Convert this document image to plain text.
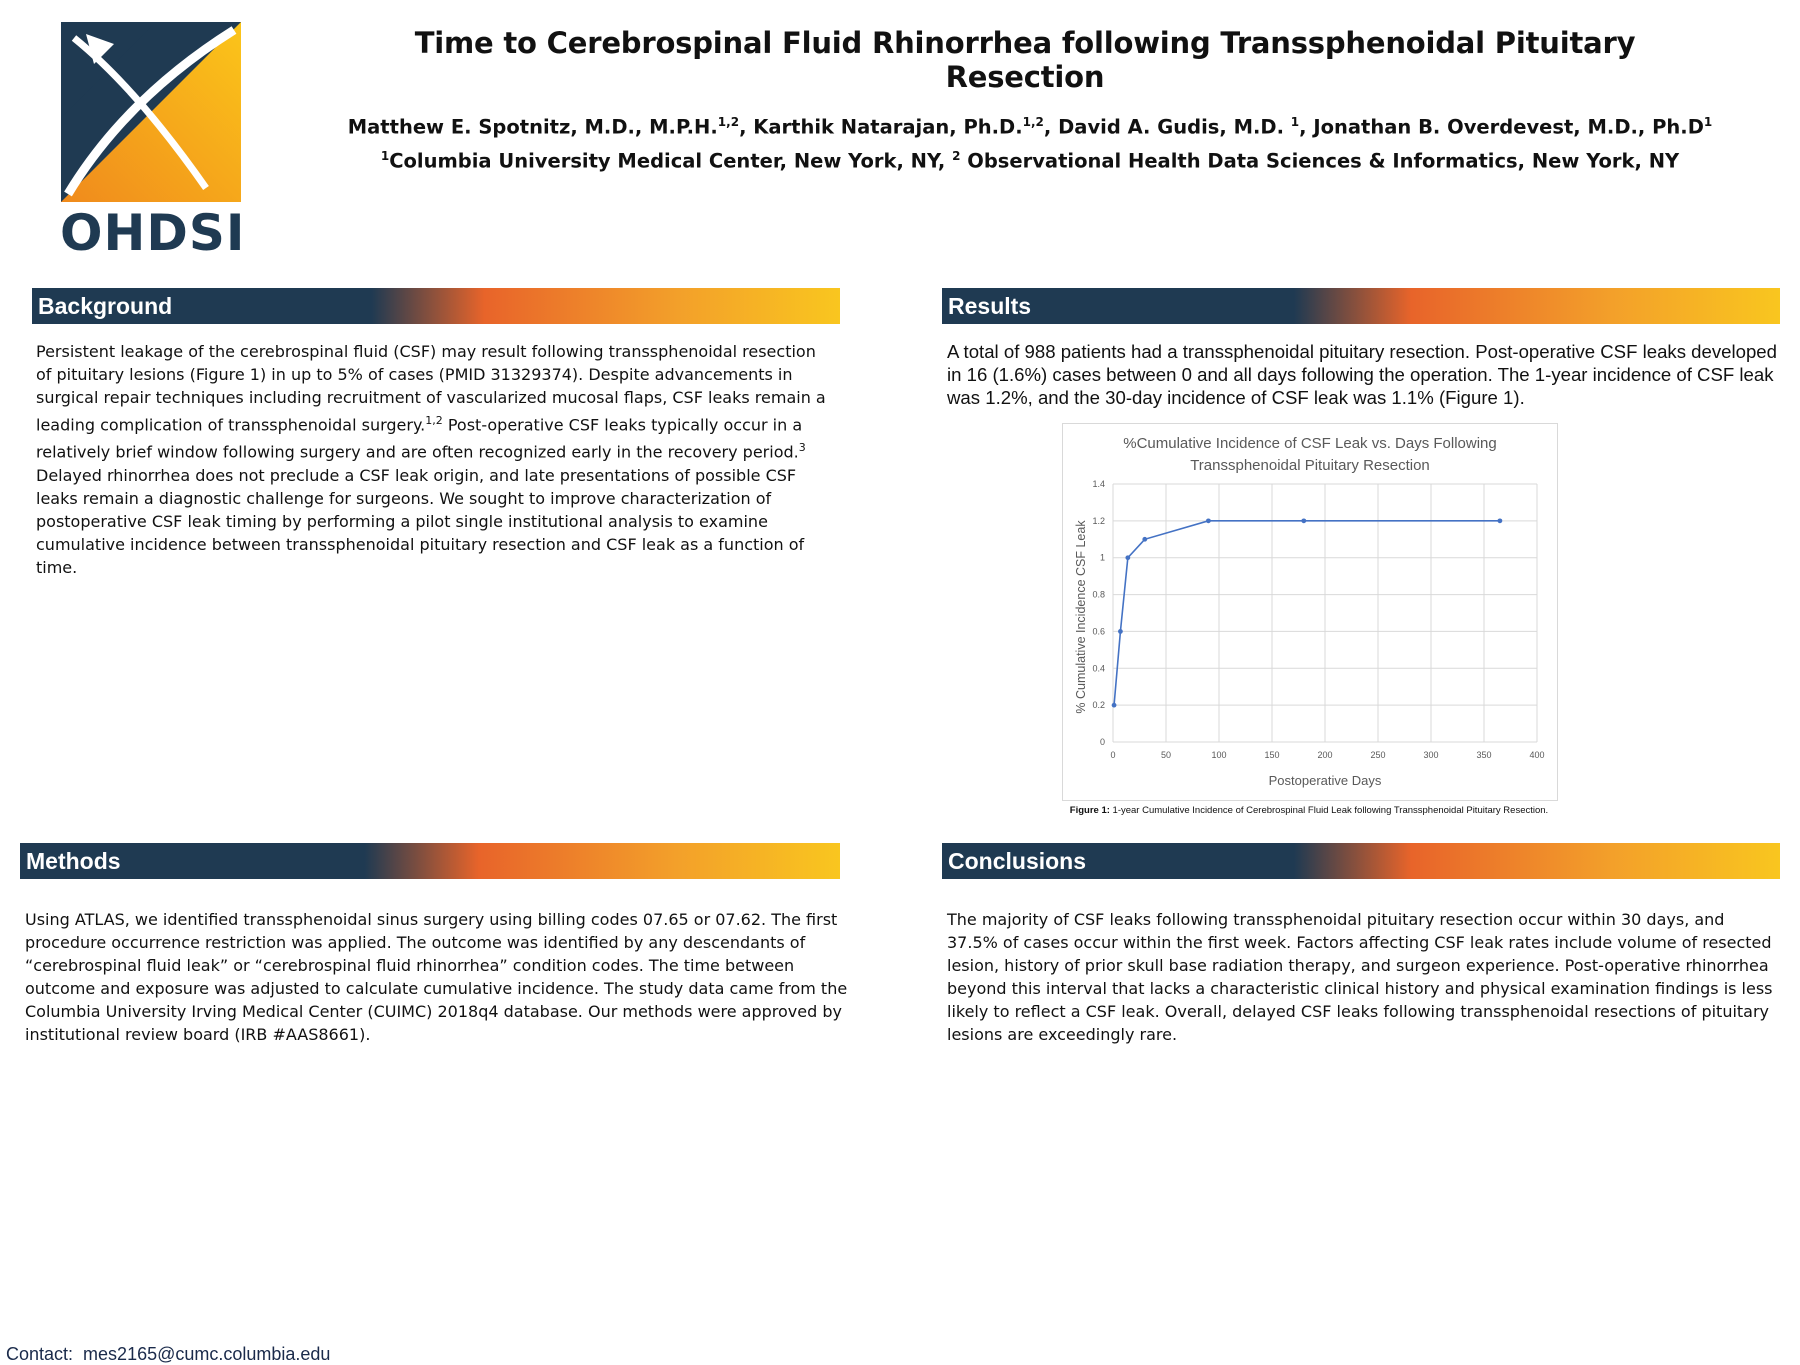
OHDSI
Time to Cerebrospinal Fluid Rhinorrhea following Transsphenoidal Pituitary Resection
Matthew E. Spotnitz, M.D., M.P.H.$^{1,2}$, Karthik Natarajan, Ph.D.$^{1,2}$, David A. Gudis, M.D. $^1$, Jonathan B. Overdevest, M.D., $Ph.D^1$
$^1$Columbia University Medical Center, New York, NY, $^2$ Observational Health Data Sciences & Informatics, New York, NY
Background	Results
Methods	Conclusions
Persistent leakage of the cerebrospinal fluid (CSF) may result following transsphenoidal resection of pituitary lesions (Figure 1) in up to 5% of cases (PMID 31329374). Despite advancements in surgical repair techniques including recruitment of vascularized mucosal flaps, CSF leaks remain a leading complication of transsphenoidal surgery.$^{1,2}$ Post-operative CSF leaks typically occur in a relatively brief window following surgery and are often recognized early in the recovery period.$^3$ Delayed rhinorrhea does not preclude a CSF leak origin, and late presentations of possible CSF leaks remain a diagnostic challenge for surgeons. We sought to improve characterization of postoperative CSF leak timing by performing a pilot single institutional analysis to examine cumulative incidence between transsphenoidal pituitary resection and CSF leak as a function of time.
A total of 988 patients had a transsphenoidal pituitary resection. Post-operative CSF leaks developed in 16 (1.6%) cases between 0 and all days following the operation. The 1-year incidence of CSF leak was 1.2%, and the 30-day incidence of CSF leak was 1.1% (Figure 1).
%Cumulative Incidence of CSF Leak vs. Days Following
Transsphenoidal Pituitary Resection
0
0.2
0.4
0.6
0.8
1
1.2
1.4
0	50	100	150	200	250	300	350	400
Postoperative Days
% Cumulative Incidence CSF Leak
Figure 1: 1-year Cumulative Incidence of Cerebrospinal Fluid Leak following Transsphenoidal Pituitary Resection.
Using ATLAS, we identified transsphenoidal sinus surgery using billing codes 07.65 or 07.62. The first procedure occurrence restriction was applied. The outcome was identified by any descendants of “cerebrospinal fluid leak” or “cerebrospinal fluid rhinorrhea” condition codes. The time between outcome and exposure was adjusted to calculate cumulative incidence. The study data came from the Columbia University Irving Medical Center (CUIMC) 2018q4 database. Our methods were approved by institutional review board (IRB #AAS8661).
The majority of CSF leaks following transsphenoidal pituitary resection occur within 30 days, and 37.5% of cases occur within the first week. Factors affecting CSF leak rates include volume of resected lesion, history of prior skull base radiation therapy, and surgeon experience. Post-operative rhinorrhea beyond this interval that lacks a characteristic clinical history and physical examination findings is less likely to reflect a CSF leak. Overall, delayed CSF leaks following transsphenoidal resections of pituitary lesions are exceedingly rare.
Contact: mes2165@cumc.columbia.edu
